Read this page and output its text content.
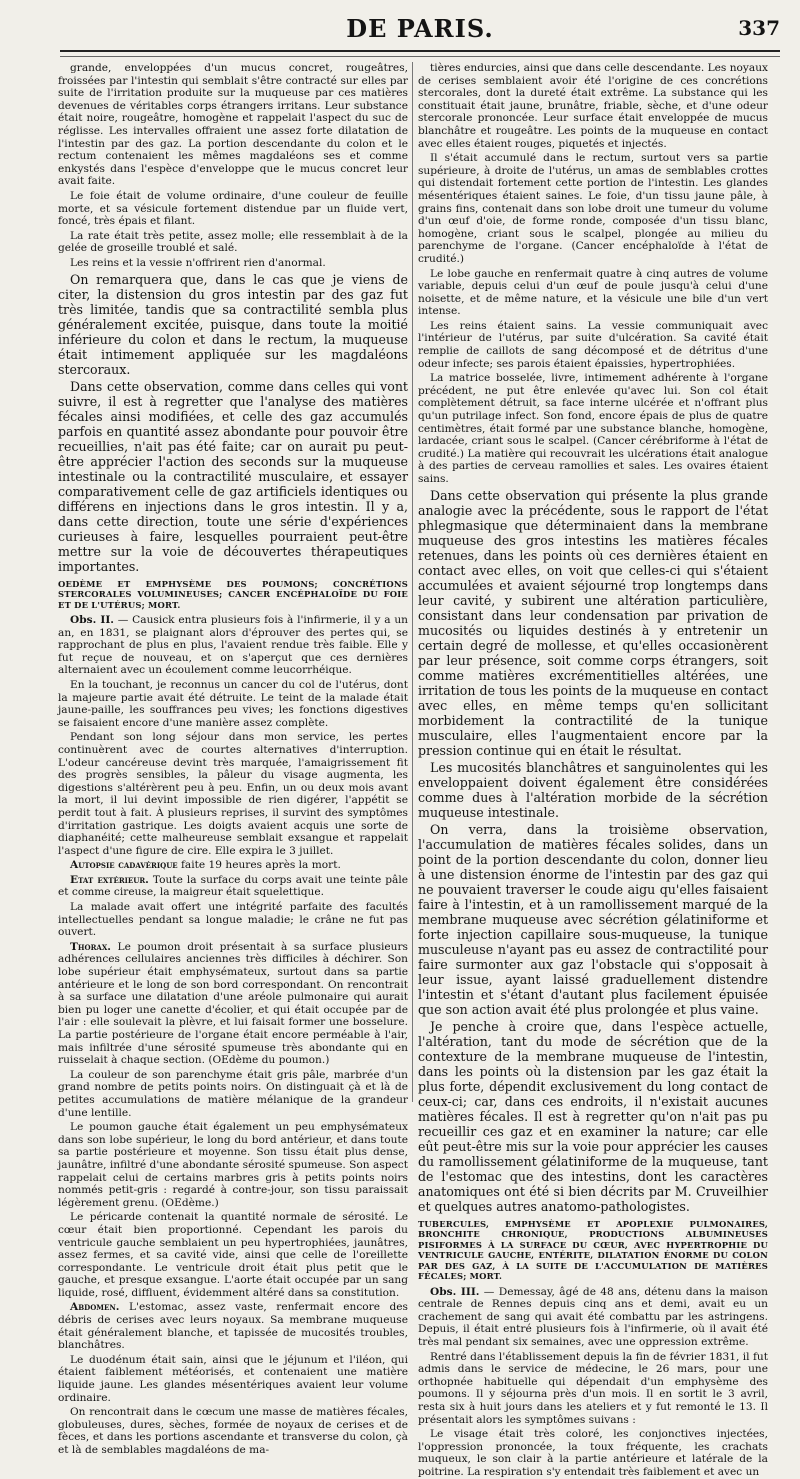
DE PARIS.	337

grande, enveloppées d'un mucus concret, rougeâtres, froissées par l'intestin qui semblait s'être contracté sur elles par suite de l'irritation produite sur la muqueuse par ces matières devenues de véritables corps étrangers irritans. Leur substance était noire, rougeâtre, homogène et rappelait l'aspect du suc de réglisse. Les intervalles offraient une assez forte dilatation de l'intestin par des gaz. La portion descendante du colon et le rectum contenaient les mêmes magdaléons ses et comme enkystés dans l'espèce d'enveloppe que le mucus concret leur avait faite.

Le foie était de volume ordinaire, d'une couleur de feuille morte, et sa vésicule fortement distendue par un fluide vert, foncé, très épais et filant.

La rate était très petite, assez molle; elle ressemblait à de la gelée de groseille troublé et salé.

Les reins et la vessie n'offrirent rien d'anormal.

On remarquera que, dans le cas que je viens de citer, la distension du gros intestin par des gaz fut très limitée, tandis que sa contractilité sembla plus généralement excitée, puisque, dans toute la moitié inférieure du colon et dans le rectum, la muqueuse était intimement appliquée sur les magdaléons stercoraux.

Dans cette observation, comme dans celles qui vont suivre, il est à regretter que l'analyse des matières fécales ainsi modifiées, et celle des gaz accumulés parfois en quantité assez abondante pour pouvoir être recueillies, n'ait pas été faite; car on aurait pu peut-être apprécier l'action des seconds sur la muqueuse intestinale ou la contractilité musculaire, et essayer comparativement celle de gaz artificiels identiques ou différens en injections dans le gros intestin. Il y a, dans cette direction, toute une série d'expériences curieuses à faire, lesquelles pourraient peut-être mettre sur la voie de découvertes thérapeutiques importantes.

OEDÈME ET EMPHYSÈME DES POUMONS; CONCRÉTIONS STERCORALES VOLUMINEUSES; CANCER ENCÉPHALOÏDE DU FOIE ET DE L'UTÉRUS; MORT.

Obs. II. — Causick entra plusieurs fois à l'infirmerie, il y a un an, en 1831, se plaignant alors d'éprouver des pertes qui, se rapprochant de plus en plus, l'avaient rendue très faible. Elle y fut reçue de nouveau, et on s'aperçut que ces dernières alternaient avec un écoulement comme leucorrhéique.

En la touchant, je reconnus un cancer du col de l'utérus, dont la majeure partie avait été détruite. Le teint de la malade était jaune-paille, les souffrances peu vives; les fonctions digestives se faisaient encore d'une manière assez complète.

Pendant son long séjour dans mon service, les pertes continuèrent avec de courtes alternatives d'interruption. L'odeur cancéreuse devint très marquée, l'amaigrissement fit des progrès sensibles, la pâleur du visage augmenta, les digestions s'altérèrent peu à peu. Enfin, un ou deux mois avant la mort, il lui devint impossible de rien digérer, l'appétit se perdit tout à fait. À plusieurs reprises, il survint des symptômes d'irritation gastrique. Les doigts avaient acquis une sorte de diaphanéité; cette malheureuse semblait exsangue et rappelait l'aspect d'une figure de cire. Elle expira le 3 juillet.

Autopsie cadavérique faite 19 heures après la mort.

Etat extérieur. Toute la surface du corps avait une teinte pâle et comme cireuse, la maigreur était squelettique.

La malade avait offert une intégrité parfaite des facultés intellectuelles pendant sa longue maladie; le crâne ne fut pas ouvert.

Thorax. Le poumon droit présentait à sa surface plusieurs adhérences cellulaires anciennes très difficiles à déchirer. Son lobe supérieur était emphysémateux, surtout dans sa partie antérieure et le long de son bord correspondant. On rencontrait à sa surface une dilatation d'une aréole pulmonaire qui aurait bien pu loger une canette d'écolier, et qui était occupée par de l'air : elle soulevait la plèvre, et lui faisait former une bosselure. La partie postérieure de l'organe était encore perméable à l'air, mais infiltrée d'une sérosité spumeuse très abondante qui en ruisselait à chaque section. (OEdème du poumon.)

La couleur de son parenchyme était gris pâle, marbrée d'un grand nombre de petits points noirs. On distinguait çà et là de petites accumulations de matière mélanique de la grandeur d'une lentille.

Le poumon gauche était également un peu emphysémateux dans son lobe supérieur, le long du bord antérieur, et dans toute sa partie postérieure et moyenne. Son tissu était plus dense, jaunâtre, infiltré d'une abondante sérosité spumeuse. Son aspect rappelait celui de certains marbres gris à petits points noirs nommés petit-gris : regardé à contre-jour, son tissu paraissait légèrement grenu. (OEdème.)

Le péricarde contenait la quantité normale de sérosité. Le cœur était bien proportionné. Cependant les parois du ventricule gauche semblaient un peu hypertrophiées, jaunâtres, assez fermes, et sa cavité vide, ainsi que celle de l'oreillette correspondante. Le ventricule droit était plus petit que le gauche, et presque exsangue. L'aorte était occupée par un sang liquide, rosé, diffluent, évidemment altéré dans sa constitution.

Abdomen. L'estomac, assez vaste, renfermait encore des débris de cerises avec leurs noyaux. Sa membrane muqueuse était généralement blanche, et tapissée de mucosités troubles, blanchâtres.

Le duodénum était sain, ainsi que le jéjunum et l'iléon, qui étaient faiblement météorisés, et contenaient une matière liquide jaune. Les glandes mésentériques avaient leur volume ordinaire.

On rencontrait dans le cœcum une masse de matières fécales, globuleuses, dures, sèches, formée de noyaux de cerises et de fèces, et dans les portions ascendante et transverse du colon, çà et là de semblables magdaléons de ma-

tières endurcies, ainsi que dans celle descendante. Les noyaux de cerises semblaient avoir été l'origine de ces concrétions stercorales, dont la dureté était extrême. La substance qui les constituait était jaune, brunâtre, friable, sèche, et d'une odeur stercorale prononcée. Leur surface était enveloppée de mucus blanchâtre et rougeâtre. Les points de la muqueuse en contact avec elles étaient rouges, piquetés et injectés.

Il s'était accumulé dans le rectum, surtout vers sa partie supérieure, à droite de l'utérus, un amas de semblables crottes qui distendait fortement cette portion de l'intestin. Les glandes mésentériques étaient saines. Le foie, d'un tissu jaune pâle, à grains fins, contenait dans son lobe droit une tumeur du volume d'un œuf d'oie, de forme ronde, composée d'un tissu blanc, homogène, criant sous le scalpel, plongée au milieu du parenchyme de l'organe. (Cancer encéphaloïde à l'état de crudité.)

Le lobe gauche en renfermait quatre à cinq autres de volume variable, depuis celui d'un œuf de poule jusqu'à celui d'une noisette, et de même nature, et la vésicule une bile d'un vert intense.

Les reins étaient sains. La vessie communiquait avec l'intérieur de l'utérus, par suite d'ulcération. Sa cavité était remplie de caillots de sang décomposé et de détritus d'une odeur infecte; ses parois étaient épaissies, hypertrophiées.

La matrice bosselée, livre, intimement adhérente à l'organe précédent, ne put être enlevée qu'avec lui. Son col était complètement détruit, sa face interne ulcérée et n'offrant plus qu'un putrilage infect. Son fond, encore épais de plus de quatre centimètres, était formé par une substance blanche, homogène, lardacée, criant sous le scalpel. (Cancer cérébriforme à l'état de crudité.) La matière qui recouvrait les ulcérations était analogue à des parties de cerveau ramollies et sales. Les ovaires étaient sains.

Dans cette observation qui présente la plus grande analogie avec la précédente, sous le rapport de l'état phlegmasique que déterminaient dans la membrane muqueuse des gros intestins les matières fécales retenues, dans les points où ces dernières étaient en contact avec elles, on voit que celles-ci qui s'étaient accumulées et avaient séjourné trop longtemps dans leur cavité, y subirent une altération particulière, consistant dans leur condensation par privation de mucosités ou liquides destinés à y entretenir un certain degré de mollesse, et qu'elles occasionèrent par leur présence, soit comme corps étrangers, soit comme matières excrémentitielles altérées, une irritation de tous les points de la muqueuse en contact avec elles, en même temps qu'en sollicitant morbidement la contractilité de la tunique musculaire, elles l'augmentaient encore par la pression continue qui en était le résultat.

Les mucosités blanchâtres et sanguinolentes qui les enveloppaient doivent également être considérées comme dues à l'altération morbide de la sécrétion muqueuse intestinale.

On verra, dans la troisième observation, l'accumulation de matières fécales solides, dans un point de la portion descendante du colon, donner lieu à une distension énorme de l'intestin par des gaz qui ne pouvaient traverser le coude aigu qu'elles faisaient faire à l'intestin, et à un ramollissement marqué de la membrane muqueuse avec sécrétion gélatiniforme et forte injection capillaire sous-muqueuse, la tunique musculeuse n'ayant pas eu assez de contractilité pour faire surmonter aux gaz l'obstacle qui s'opposait à leur issue, ayant laissé graduellement distendre l'intestin et s'étant d'autant plus facilement épuisée que son action avait été plus prolongée et plus vaine.

Je penche à croire que, dans l'espèce actuelle, l'altération, tant du mode de sécrétion que de la contexture de la membrane muqueuse de l'intestin, dans les points où la distension par les gaz était la plus forte, dépendit exclusivement du long contact de ceux-ci; car, dans ces endroits, il n'existait aucunes matières fécales. Il est à regretter qu'on n'ait pas pu recueillir ces gaz et en examiner la nature; car elle eût peut-être mis sur la voie pour apprécier les causes du ramollissement gélatiniforme de la muqueuse, tant de l'estomac que des intestins, dont les caractères anatomiques ont été si bien décrits par M. Cruveilhier et quelques autres anatomo-pathologistes.

TUBERCULES, EMPHYSÈME ET APOPLEXIE PULMONAIRES, BRONCHITE CHRONIQUE, PRODUCTIONS ALBUMINEUSES PISIFORMES À LA SURFACE DU CŒUR, AVEC HYPERTROPHIE DU VENTRICULE GAUCHE, ENTÉRITE, DILATATION ÉNORME DU COLON PAR DES GAZ, À LA SUITE DE L'ACCUMULATION DE MATIÈRES FÉCALES; MORT.

Obs. III. — Demessay, âgé de 48 ans, détenu dans la maison centrale de Rennes depuis cinq ans et demi, avait eu un crachement de sang qui avait été combattu par les astringens. Depuis, il était entré plusieurs fois à l'infirmerie, où il avait été très mal pendant six semaines, avec une oppression extrême.

Rentré dans l'établissement depuis la fin de février 1831, il fut admis dans le service de médecine, le 26 mars, pour une orthopnée habituelle qui dépendait d'un emphysème des poumons. Il y séjourna près d'un mois. Il en sortit le 3 avril, resta six à huit jours dans les ateliers et y fut remonté le 13. Il présentait alors les symptômes suivans :

Le visage était très coloré, les conjonctives injectées, l'oppression prononcée, la toux fréquente, les crachats muqueux, le son clair à la partie antérieure et latérale de la poitrine. La respiration s'y entendait très faiblement et avec un
